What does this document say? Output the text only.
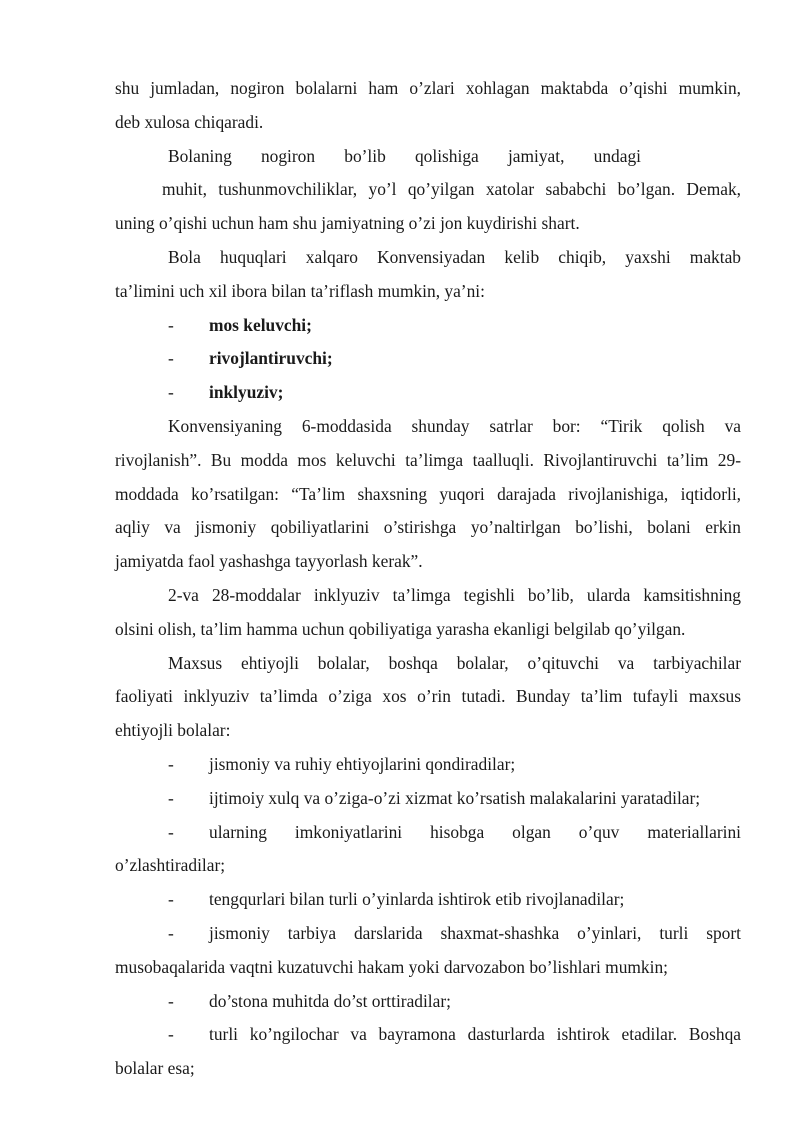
shu jumladan, nogiron bolalarni ham o’zlari xohlagan maktabda o’qishi mumkin,
deb xulosa chiqaradi.
Bolaning nogiron bo’lib qolishiga jamiyat, undagi
muhit, tushunmovchiliklar, yo’l qo’yilgan xatolar sababchi bo’lgan. Demak,
uning o’qishi uchun ham shu jamiyatning o’zi jon kuydirishi shart.
Bola huquqlari xalqaro Konvensiyadan kelib chiqib, yaxshi maktab
ta’limini uch xil ibora bilan ta’riflash mumkin, ya’ni:
- mos keluvchi;
- rivojlantiruvchi;
- inklyuziv;
Konvensiyaning 6-moddasida shunday satrlar bor: “Tirik qolish va
rivojlanish”. Bu modda mos keluvchi ta’limga taalluqli. Rivojlantiruvchi ta’lim 29-
moddada ko’rsatilgan: “Ta’lim shaxsning yuqori darajada rivojlanishiga, iqtidorli,
aqliy va jismoniy qobiliyatlarini o’stirishga yo’naltirlgan bo’lishi, bolani erkin
jamiyatda faol yashashga tayyorlash kerak”.
2-va 28-moddalar inklyuziv ta’limga tegishli bo’lib, ularda kamsitishning
olsini olish, ta’lim hamma uchun qobiliyatiga yarasha ekanligi belgilab qo’yilgan.
Maxsus ehtiyojli bolalar, boshqa bolalar, o’qituvchi va tarbiyachilar
faoliyati inklyuziv ta’limda o’ziga xos o’rin tutadi. Bunday ta’lim tufayli maxsus
ehtiyojli bolalar:
- jismoniy va ruhiy ehtiyojlarini qondiradilar;
- ijtimoiy xulq va o’ziga-o’zi xizmat ko’rsatish malakalarini yaratadilar;
- ularning imkoniyatlarini hisobga olgan o’quv materiallarini
o’zlashtiradilar;
- tengqurlari bilan turli o’yinlarda ishtirok etib rivojlanadilar;
- jismoniy tarbiya darslarida shaxmat-shashka o’yinlari, turli sport
musobaqalarida vaqtni kuzatuvchi hakam yoki darvozabon bo’lishlari mumkin;
- do’stona muhitda do’st orttiradilar;
- turli ko’ngilochar va bayramona dasturlarda ishtirok etadilar. Boshqa
bolalar esa;
